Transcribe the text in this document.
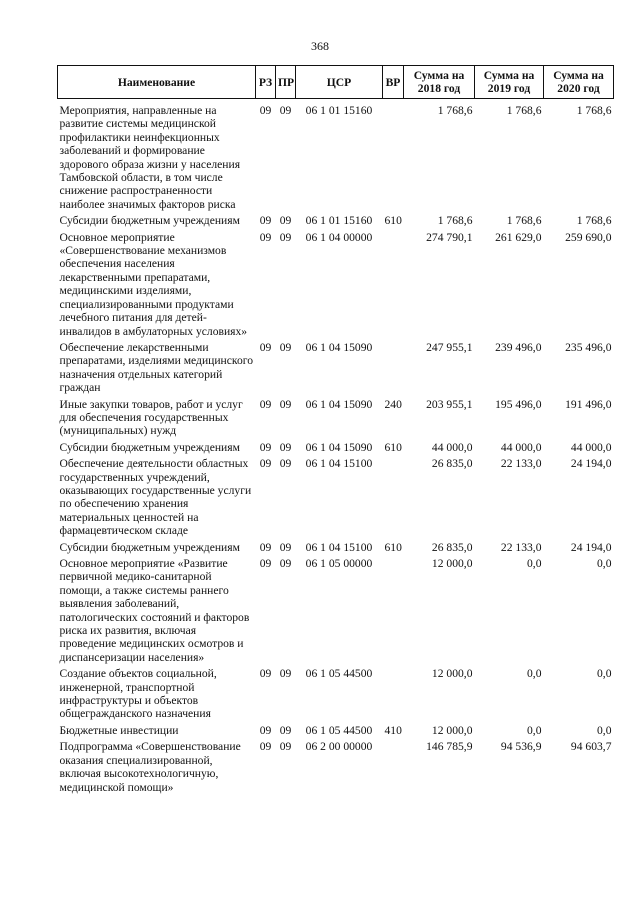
368
Наименование	РЗ	ПР	ЦСР	ВР	Сумма на 2018 год	Сумма на 2019 год	Сумма на 2020 год
Мероприятия, направленные на развитие системы медицинской профилактики неинфекционных заболеваний и формирование здорового образа жизни у населения Тамбовской области, в том числе снижение распространенности наиболее значимых факторов риска	09	09	06 1 01 15160		1 768,6	1 768,6	1 768,6
Субсидии бюджетным учреждениям	09	09	06 1 01 15160	610	1 768,6	1 768,6	1 768,6
Основное мероприятие «Совершенствование механизмов обеспечения населения лекарственными препаратами, медицинскими изделиями, специализированными продуктами лечебного питания для детей-инвалидов в амбулаторных условиях»	09	09	06 1 04 00000		274 790,1	261 629,0	259 690,0
Обеспечение лекарственными препаратами, изделиями медицинского назначения отдельных категорий граждан	09	09	06 1 04 15090		247 955,1	239 496,0	235 496,0
Иные закупки товаров, работ и услуг для обеспечения государственных (муниципальных) нужд	09	09	06 1 04 15090	240	203 955,1	195 496,0	191 496,0
Субсидии бюджетным учреждениям	09	09	06 1 04 15090	610	44 000,0	44 000,0	44 000,0
Обеспечение деятельности областных государственных учреждений, оказывающих государственные услуги по обеспечению хранения материальных ценностей на фармацевтическом складе	09	09	06 1 04 15100		26 835,0	22 133,0	24 194,0
Субсидии бюджетным учреждениям	09	09	06 1 04 15100	610	26 835,0	22 133,0	24 194,0
Основное мероприятие «Развитие первичной медико-санитарной помощи, а также системы раннего выявления заболеваний, патологических состояний и факторов риска их развития, включая проведение медицинских осмотров и диспансеризации населения»	09	09	06 1 05 00000		12 000,0	0,0	0,0
Создание объектов социальной, инженерной, транспортной инфраструктуры и объектов общегражданского назначения	09	09	06 1 05 44500		12 000,0	0,0	0,0
Бюджетные инвестиции	09	09	06 1 05 44500	410	12 000,0	0,0	0,0
Подпрограмма «Совершенствование оказания специализированной, включая высокотехнологичную, медицинской помощи»	09	09	06 2 00 00000		146 785,9	94 536,9	94 603,7
